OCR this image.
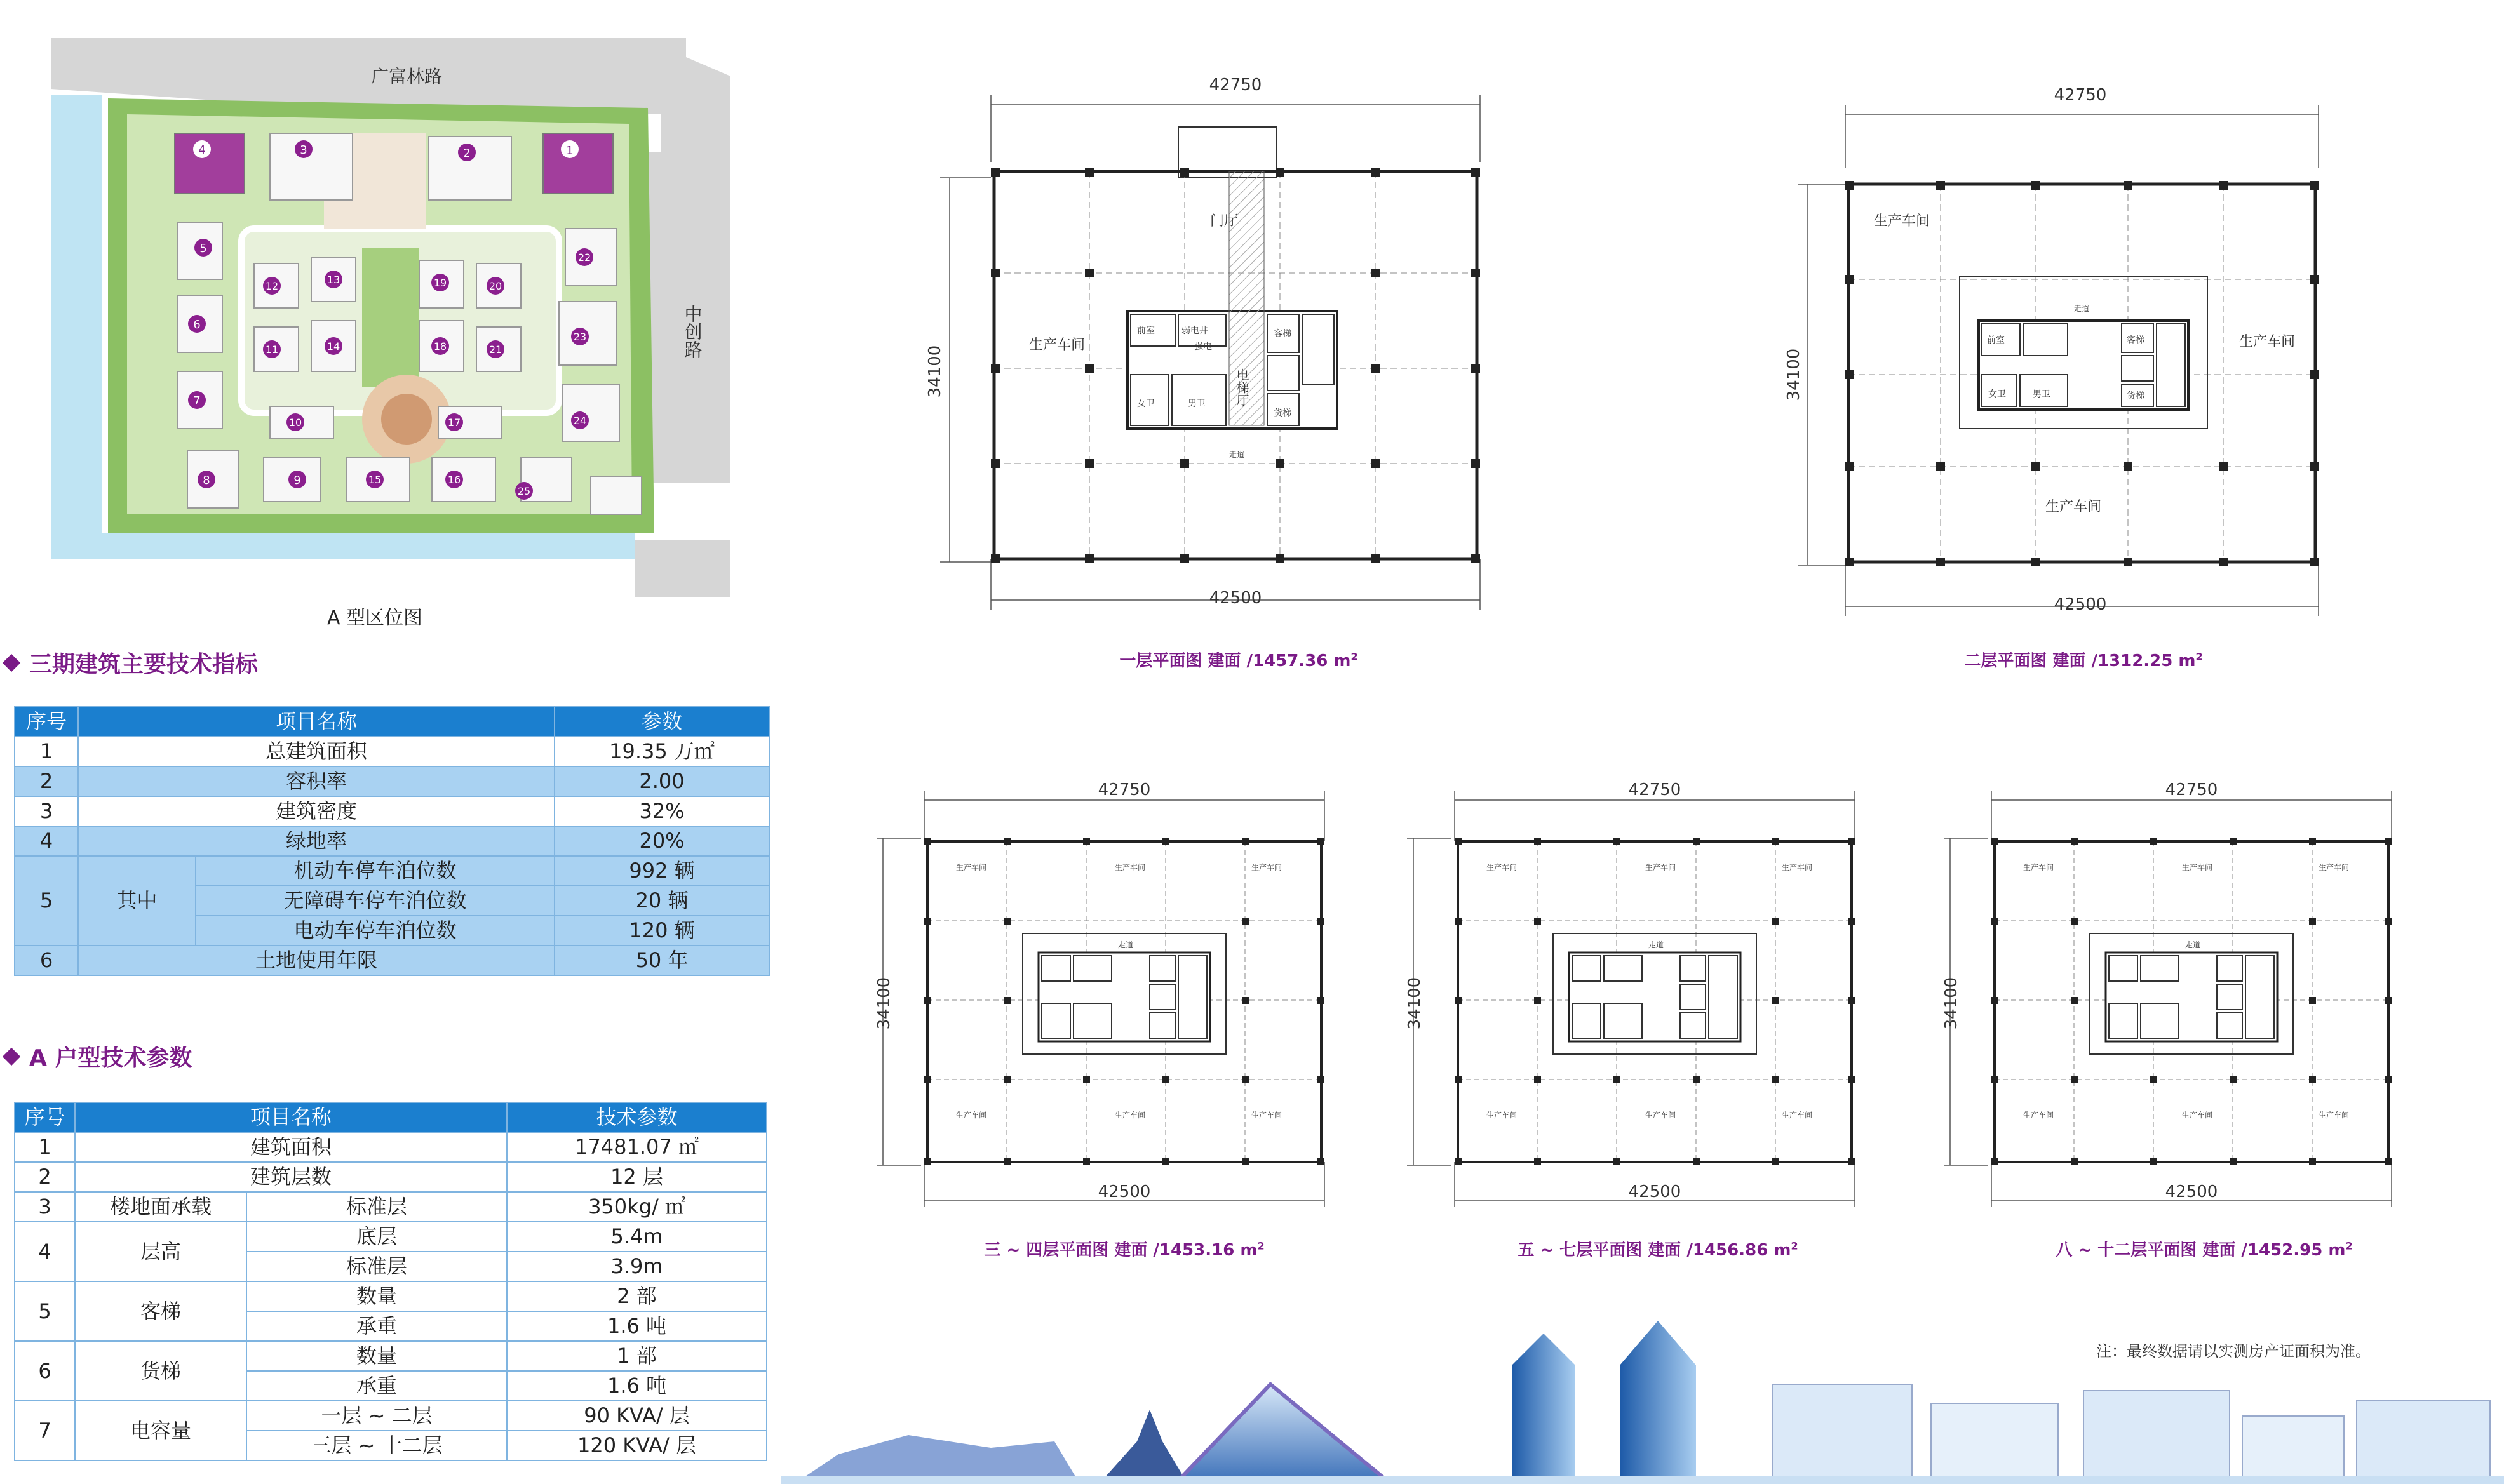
广富林路
中创路
1
2
3
4
5
6
7
8	9
10
11
12
13
14
15	16
17
18
19	20
21
22
23
24
25
A 型区位图
三期建筑主要技术指标
序号	项目名称		参数
1	总建筑面积		19.35 万㎡
2	容积率		2.00
3	建筑密度		32%
4	绿地率		20%
5	其中	机动车停车泊位数	992 辆
		无障碍车停车泊位数	20 辆
		电动车停车泊位数	120 辆
6	土地使用年限		50 年
A 户型技术参数
序号	项目名称		技术参数
1	建筑面积		17481.07 ㎡
2	建筑层数		12 层
3	楼地面承载	标准层	350kg/ ㎡
4	层高	底层	5.4m
		标准层	3.9m
5	客梯	数量	2 部
		承重	1.6 吨
6	货梯	数量	1 部
		承重	1.6 吨
7	电容量	一层 ~ 二层	90 KVA/ 层
		三层 ~ 十二层	120 KVA/ 层
42750
42500
34100
门厅
生产车间
电梯厅
客梯
货梯
女卫	男卫
前室	弱电井
强电
走道
一层平面图 建面 /1457.36 $m^2$
42750
42500
34100
生产车间
生产车间
生产车间
走道
客梯
货梯
女卫	男卫
前室
二层平面图 建面 /1312.25 $m^2$
42750
42500
34100
生产车间	生产车间	生产车间
生产车间	生产车间	生产车间
走道
三 ~ 四层平面图 建面 /1453.16 $m^2$
42750
42500
34100
生产车间	生产车间	生产车间
生产车间	生产车间	生产车间
走道
五 ~ 七层平面图 建面 /1456.86 $m^2$
42750
42500
34100
生产车间	生产车间	生产车间
生产车间	生产车间	生产车间
走道
八 ~ 十二层平面图 建面 /1452.95 $m^2$
注：最终数据请以实测房产证面积为准。
